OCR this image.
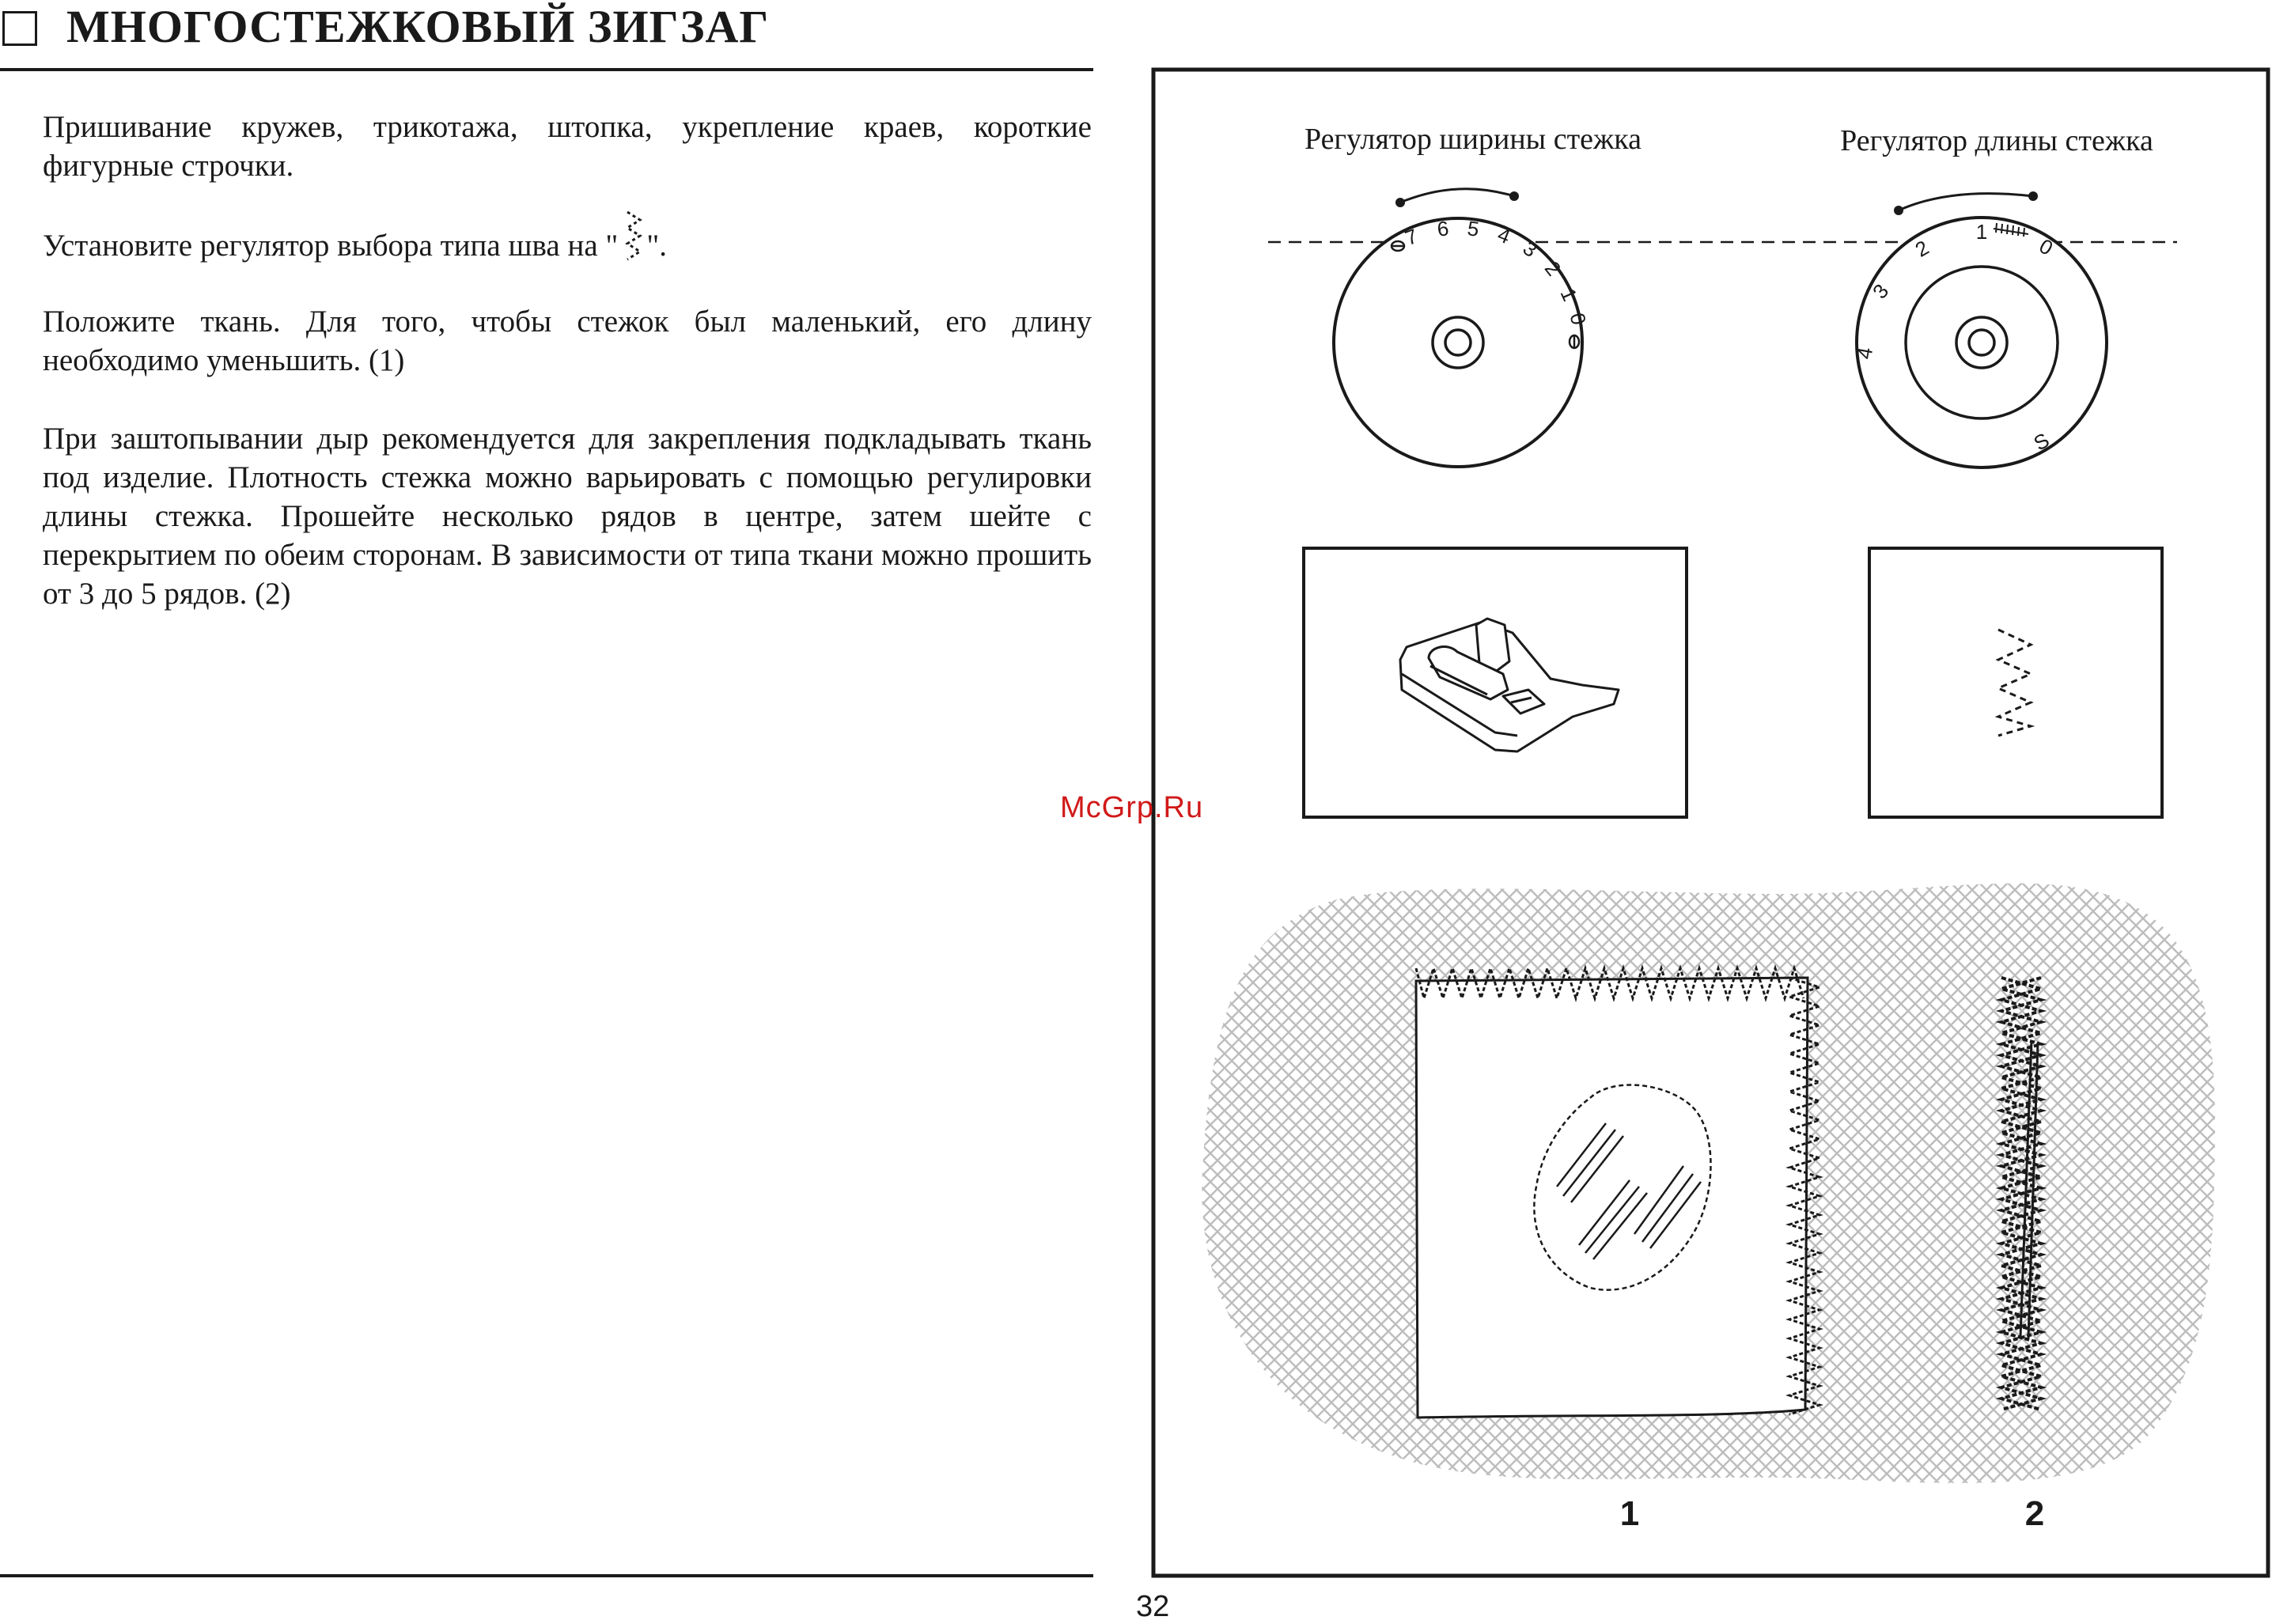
МНОГОСТЕЖКОВЫЙ ЗИГЗАГ

Пришивание кружев, трикотажа, штопка, укрепление краев, короткие фигурные строчки.

Установите регулятор выбора типа шва на " ".

Положите ткань. Для того, чтобы стежок был маленький, его длину необходимо уменьшить. (1)

При заштопывании дыр рекомендуется для закрепления подкладывать ткань под изделие. Плотность стежка можно варьировать с помощью регулировки длины стежка. Прошейте несколько рядов в центре, затем шейте с перекрытием по обеим сторонам. В зависимости от типа ткани можно прошить от 3 до 5 рядов. (2)

Регулятор ширины стежка	Регулятор длины стежка
7 6 5 4
3
2
1
0
1
0
2
3
4
S
1	2
McGrp.Ru
32
